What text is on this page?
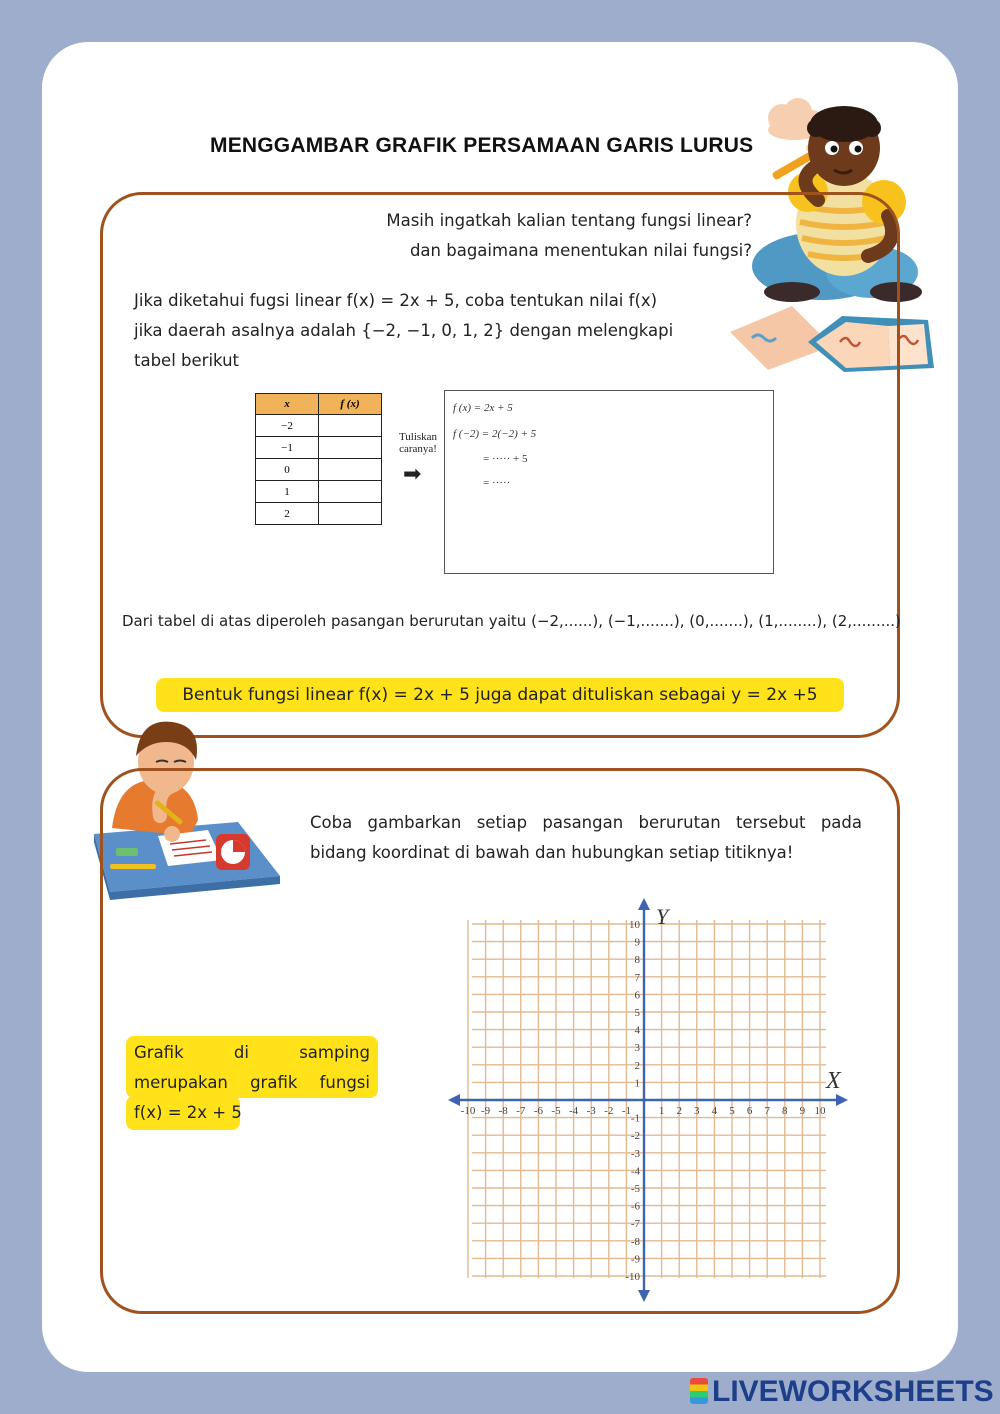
MENGGAMBAR GRAFIK PERSAMAAN GARIS LURUS
Masih ingatkah kalian tentang fungsi linear?
dan bagaimana menentukan nilai fungsi?
Jika diketahui fugsi linear f(x) = 2x + 5, coba tentukan nilai f(x)
jika daerah asalnya adalah {−2, −1, 0, 1, 2} dengan melengkapi
tabel berikut
x	f (x)
−2	
−1	
0	
1	
2	
Tuliskan
caranya!
➡
f (x) = 2x + 5
f (−2) = 2(−2) + 5
= ····· + 5
= ·····
Dari tabel di atas diperoleh pasangan berurutan yaitu (−2,......), (−1,.......), (0,.......), (1,........), (2,.........)
Bentuk fungsi linear f(x) = 2x + 5 juga dapat dituliskan sebagai y = 2x +5
Coba gambarkan setiap pasangan berurutan tersebut pada
bidang koordinat di bawah dan hubungkan setiap titiknya!
Grafik	di	samping
merupakan grafik fungsi
f(x) = 2x + 5	-10 -9 -8 -7 -6 -5 -4 -3 -2 -1	1 2 3 4 5 6 7 8 9 10
10
9
8
7
6
5
4
3
2
1
-1
-2
-3
-4
-5
-6
-7
-8
-9
-10
X
Y
LIVEWORKSHEETS
